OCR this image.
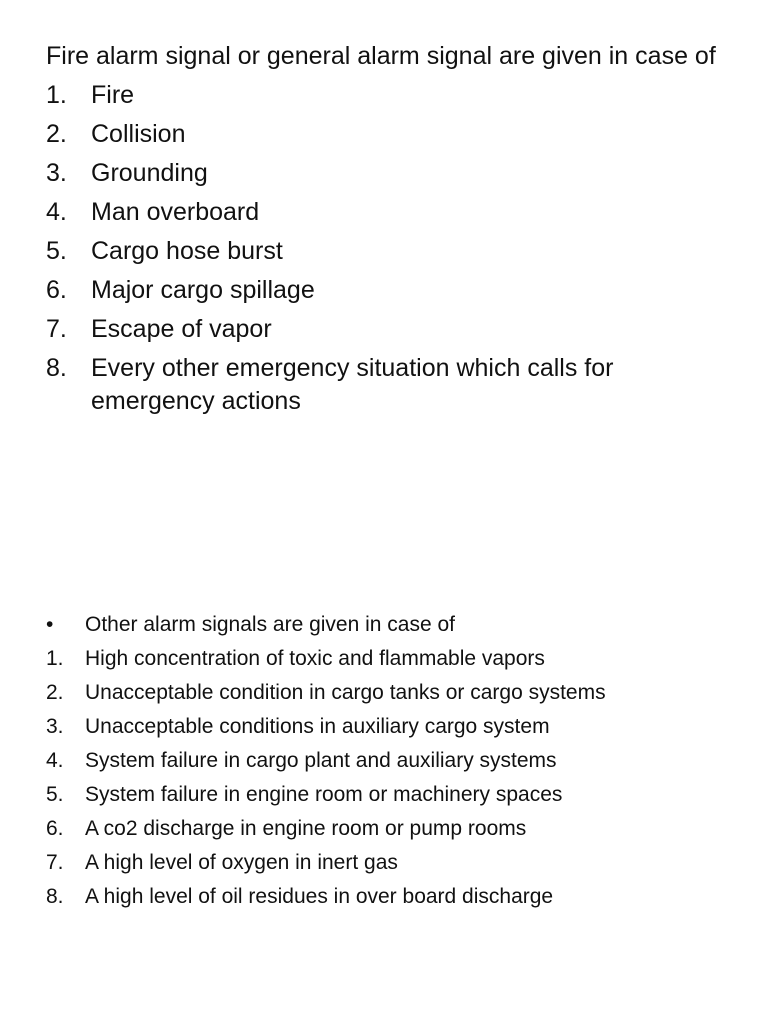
Fire alarm signal or general alarm signal are given in case of

1. Fire
2. Collision
3. Grounding
4. Man overboard
5. Cargo hose burst
6. Major cargo spillage
7. Escape of vapor
8. Every other emergency situation which calls for emergency actions
• Other alarm signals are given in case of
1. High concentration of toxic and flammable vapors
2. Unacceptable condition in cargo tanks or cargo systems
3. Unacceptable conditions in auxiliary cargo system
4. System failure in cargo plant and auxiliary systems
5. System failure in engine room or machinery spaces
6. A co2 discharge in engine room or pump rooms
7. A high level of oxygen in inert gas
8. A high level of oil residues in over board discharge
